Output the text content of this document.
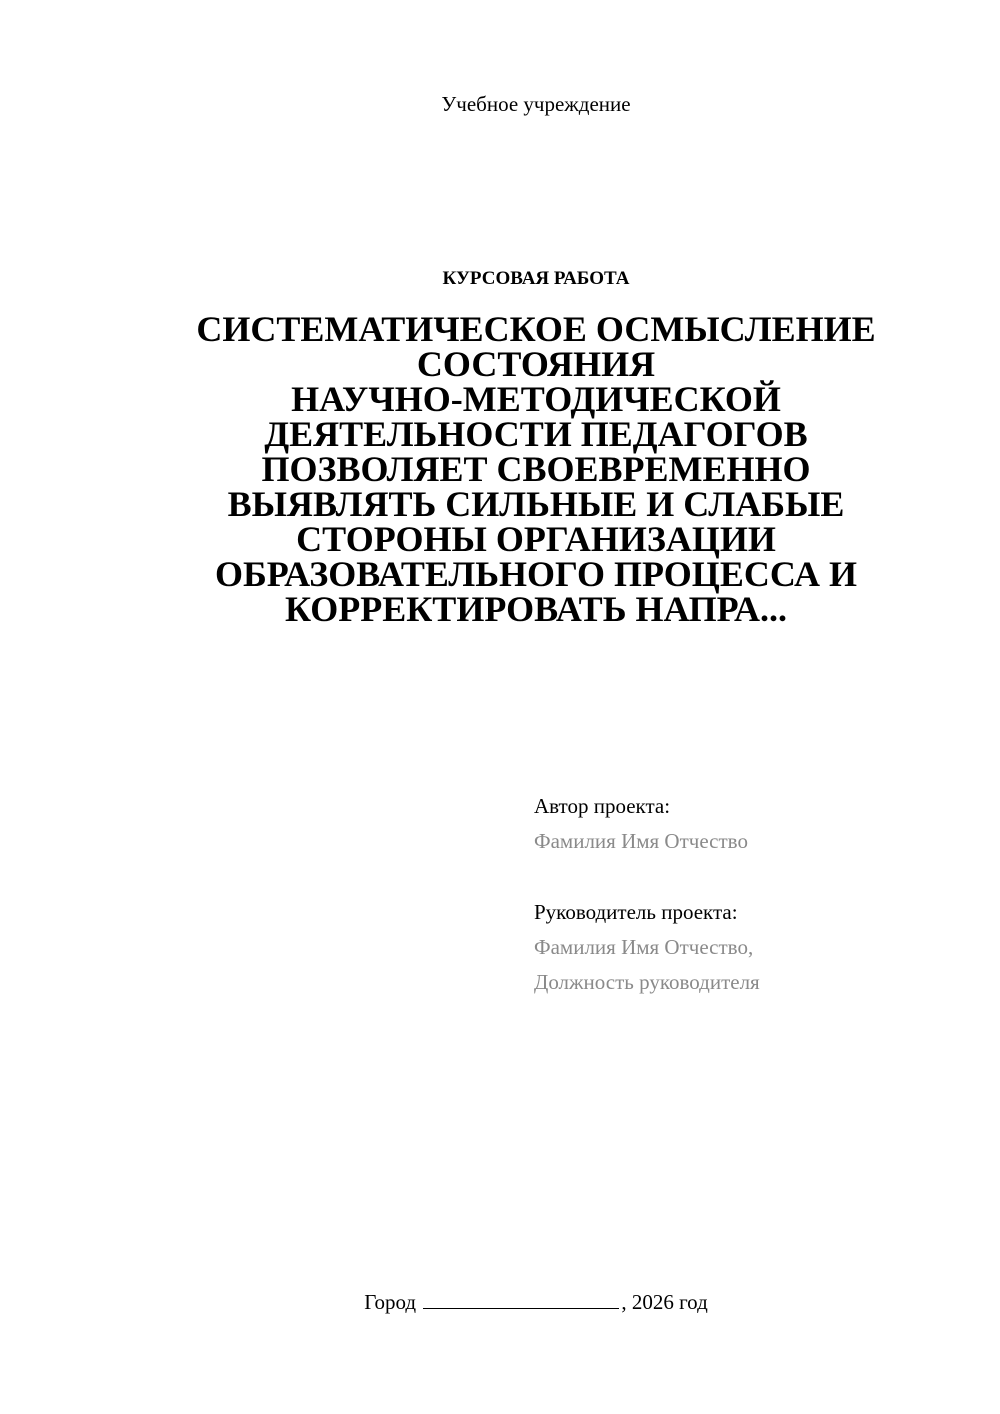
Учебное учреждение
КУРСОВАЯ РАБОТА
СИСТЕМАТИЧЕСКОЕ ОСМЫСЛЕНИЕ
СОСТОЯНИЯ
НАУЧНО-МЕТОДИЧЕСКОЙ
ДЕЯТЕЛЬНОСТИ ПЕДАГОГОВ
ПОЗВОЛЯЕТ СВОЕВРЕМЕННО
ВЫЯВЛЯТЬ СИЛЬНЫЕ И СЛАБЫЕ
СТОРОНЫ ОРГАНИЗАЦИИ
ОБРАЗОВАТЕЛЬНОГО ПРОЦЕССА И
КОРРЕКТИРОВАТЬ НАПРА...
Автор проекта:
Фамилия Имя Отчество
Руководитель проекта:
Фамилия Имя Отчество,
Должность руководителя
Город	, 2026 год
